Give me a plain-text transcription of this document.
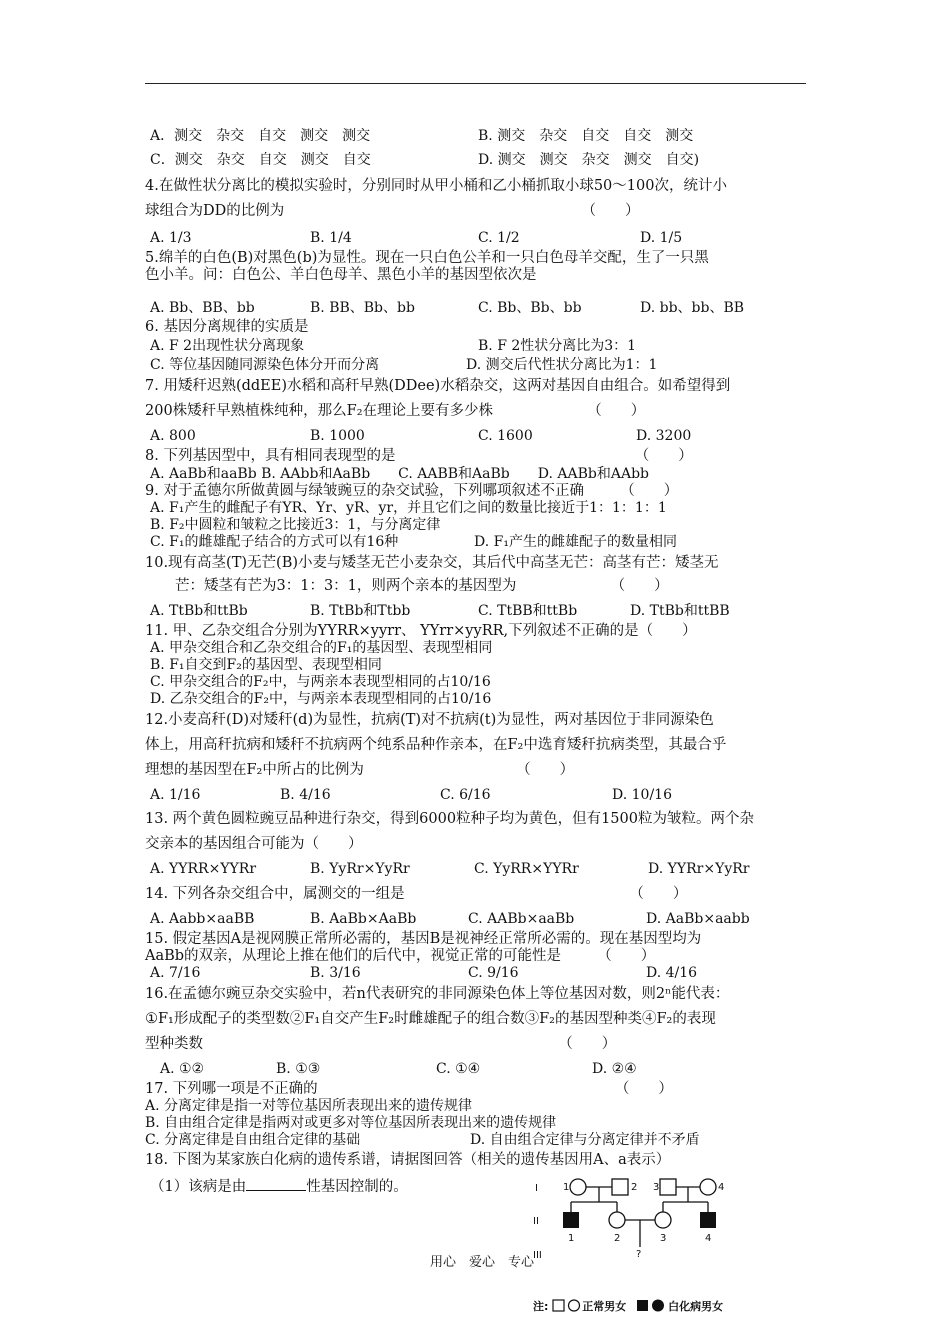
A．测交　杂交　自交　测交　测交	B. 测交　杂交　自交　自交　测交
C．测交　杂交　自交　测交　自交	D. 测交　测交　杂交　测交　自交)
4.在做性状分离比的模拟实验时，分别同时从甲小桶和乙小桶抓取小球50～100次，统计小
球组合为DD的比例为　　　　　　　　　　　　　　　　　　　　　（　　）
A. 1/3	B. 1/4	C. 1/2	D. 1/5
5.绵羊的白色(B)对黑色(b)为显性。现在一只白色公羊和一只白色母羊交配，生了一只黑
色小羊。问：白色公、羊白色母羊、黑色小羊的基因型依次是
A. Bb、BB、bb	B. BB、Bb、bb	C. Bb、Bb、bb	D. bb、bb、BB
6. 基因分离规律的实质是
A. F 2出现性状分离现象	B. F 2性状分离比为3：1
C. 等位基因随同源染色体分开而分离	D. 测交后代性状分离比为1：1
7. 用矮秆迟熟(ddEE)水稻和高秆早熟(DDee)水稻杂交，这两对基因自由组合。如希望得到
200株矮秆早熟植株纯种，那么F₂在理论上要有多少株　　　　　　　（　　）
A. 800	B. 1000	C. 1600	D. 3200
8. 下列基因型中，具有相同表现型的是　　　　　　　　　　　　　　　　　（　　）
A. AaBb和aaBb B. AAbb和AaBb　　C. AABB和AaBb　　D. AABb和AAbb
9. 对于孟德尔所做黄圆与绿皱豌豆的杂交试验，下列哪项叙述不正确　　　（　　）
A. F₁产生的雌配子有YR、Yr、yR、yr，并且它们之间的数量比接近于1：1：1：1
B. F₂中圆粒和皱粒之比接近3：1，与分离定律
C. F₁的雌雄配子结合的方式可以有16种	D. F₁产生的雌雄配子的数量相同
10.现有高茎(T)无芒(B)小麦与矮茎无芒小麦杂交，其后代中高茎无芒：高茎有芒：矮茎无
芒：矮茎有芒为3：1：3：1，则两个亲本的基因型为　　　　　　　（　　）
A. TtBb和ttBb	B. TtBb和Ttbb	C. TtBB和ttBb	D. TtBb和ttBB
11. 甲、乙杂交组合分别为YYRR×yyrr、 YYrr×yyRR,下列叙述不正确的是（　　）
A. 甲杂交组合和乙杂交组合的F₁的基因型、表现型相同
B. F₁自交到F₂的基因型、表现型相同
C. 甲杂交组合的F₂中，与两亲本表现型相同的占10/16
D. 乙杂交组合的F₂中，与两亲本表现型相同的占10/16
12.小麦高秆(D)对矮秆(d)为显性，抗病(T)对不抗病(t)为显性，两对基因位于非同源染色
体上，用高秆抗病和矮秆不抗病两个纯系品种作亲本，在F₂中选育矮秆抗病类型，其最合乎
理想的基因型在F₂中所占的比例为　　　　　　　　　　　（　　）
A. 1/16	B. 4/16	C. 6/16	D. 10/16
13. 两个黄色圆粒豌豆品种进行杂交，得到6000粒种子均为黄色，但有1500粒为皱粒。两个杂
交亲本的基因组合可能为（　　）
A. YYRR×YYRr	B. YyRr×YyRr	C. YyRR×YYRr	D. YYRr×YyRr
14. 下列各杂交组合中，属测交的一组是　　　　　　　　　　　　　　　　（　　）
A. Aabb×aaBB	B. AaBb×AaBb	C. AABb×aaBb	D. AaBb×aabb
15. 假定基因A是视网膜正常所必需的，基因B是视神经正常所必需的。现在基因型均为
AaBb的双亲，从理论上推在他们的后代中，视觉正常的可能性是　　　（　　）
A. 7/16	B. 3/16	C. 9/16	D. 4/16
16.在孟德尔豌豆杂交实验中，若n代表研究的非同源染色体上等位基因对数，则2ⁿ能代表：
①F₁形成配子的类型数②F₁自交产生F₂时雌雄配子的组合数③F₂的基因型种类④F₂的表现
型种类数　　　　　　　　　　　　　　　　　　　　　　　　　（　　）
A. ①②	B. ①③	C. ①④	D. ②④
17. 下列哪一项是不正确的　　　　　　　　　　　　　　　　　　　　　（　　）
A. 分离定律是指一对等位基因所表现出来的遗传规律
B. 自由组合定律是指两对或更多对等位基因所表现出来的遗传规律
C. 分离定律是自由组合定律的基础	D. 自由组合定律与分离定律并不矛盾
18. 下图为某家族白化病的遗传系谱，请据图回答（相关的遗传基因用A、a表示）
（1）该病是由	性基因控制的。	I
II
III
1	2 3	4
1	2	3	4
?
注:	正常男女	白化病男女
用心　爱心　专心
